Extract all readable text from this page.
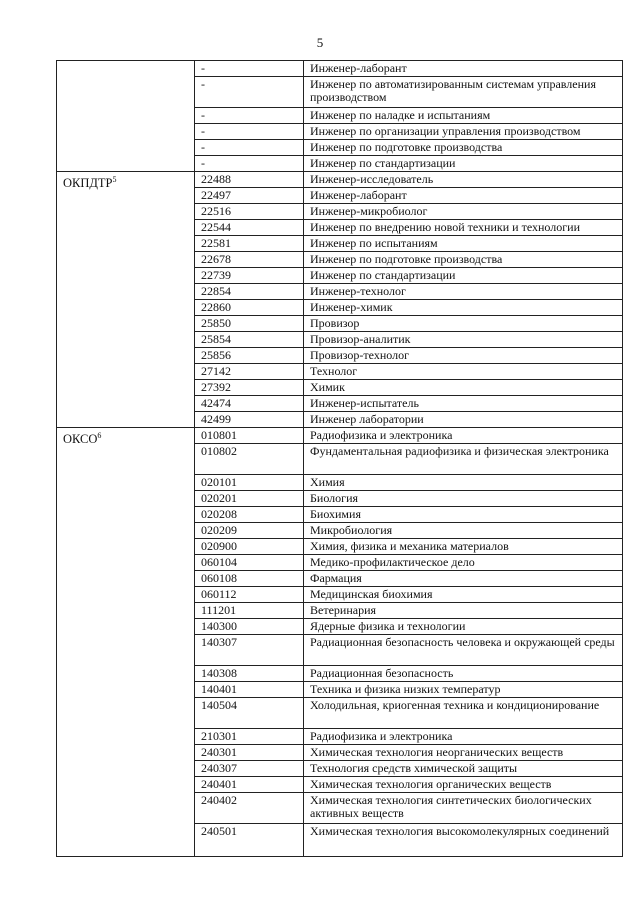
5
	-	Инженер-лаборант
	-	Инженер по автоматизированным системам управления производством
	-	Инженер по наладке и испытаниям
	-	Инженер по организации управления производством
	-	Инженер по подготовке производства
	-	Инженер по стандартизации
ОКПДТР$^5$	22488	Инженер-исследователь
	22497	Инженер-лаборант
	22516	Инженер-микробиолог
	22544	Инженер по внедрению новой техники и технологии
	22581	Инженер по испытаниям
	22678	Инженер по подготовке производства
	22739	Инженер по стандартизации
	22854	Инженер-технолог
	22860	Инженер-химик
	25850	Провизор
	25854	Провизор-аналитик
	25856	Провизор-технолог
	27142	Технолог
	27392	Химик
	42474	Инженер-испытатель
	42499	Инженер лаборатории
ОКСО$^6$	010801	Радиофизика и электроника
	010802	Фундаментальная радиофизика и физическая электроника
	020101	Химия
	020201	Биология
	020208	Биохимия
	020209	Микробиология
	020900	Химия, физика и механика материалов
	060104	Медико-профилактическое дело
	060108	Фармация
	060112	Медицинская биохимия
	111201	Ветеринария
	140300	Ядерные физика и технологии
	140307	Радиационная безопасность человека и окружающей среды
	140308	Радиационная безопасность
	140401	Техника и физика низких температур
	140504	Холодильная, криогенная техника и кондиционирование
	210301	Радиофизика и электроника
	240301	Химическая технология неорганических веществ
	240307	Технология средств химической защиты
	240401	Химическая технология органических веществ
	240402	Химическая технология синтетических биологических активных веществ
	240501	Химическая технология высокомолекулярных соединений
